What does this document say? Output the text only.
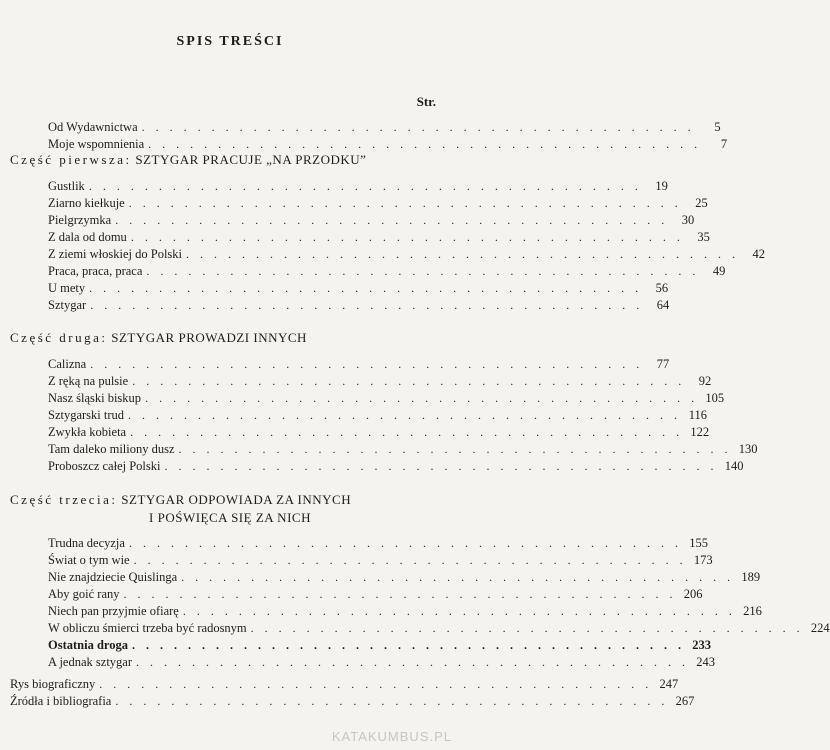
SPIS TREŚCI
Str.
Od Wydawnictwa . . . . . . . . . . . . . . . . . . . . . . . . . . . . . . . . . . . . . . . .	5
Moje wspomnienia . . . . . . . . . . . . . . . . . . . . . . . . . . . . . . . . . . . . . . . .	7
Część pierwsza: SZTYGAR PRACUJE „NA PRZODKU”
Gustlik . . . . . . . . . . . . . . . . . . . . . . . . . . . . . . . . . . . . . . . .	19
Ziarno kiełkuje . . . . . . . . . . . . . . . . . . . . . . . . . . . . . . . . . . . . . . . .	25
Pielgrzymka . . . . . . . . . . . . . . . . . . . . . . . . . . . . . . . . . . . . . . . .	30
Z dala od domu . . . . . . . . . . . . . . . . . . . . . . . . . . . . . . . . . . . . . . . .	35
Z ziemi włoskiej do Polski . . . . . . . . . . . . . . . . . . . . . . . . . . . . . . . . . . . . . . . .	42
Praca, praca, praca . . . . . . . . . . . . . . . . . . . . . . . . . . . . . . . . . . . . . . . .	49
U mety . . . . . . . . . . . . . . . . . . . . . . . . . . . . . . . . . . . . . . . .	56
Sztygar . . . . . . . . . . . . . . . . . . . . . . . . . . . . . . . . . . . . . . . .	64
Część druga: SZTYGAR PROWADZI INNYCH
Calizna . . . . . . . . . . . . . . . . . . . . . . . . . . . . . . . . . . . . . . . .	77
Z ręką na pulsie . . . . . . . . . . . . . . . . . . . . . . . . . . . . . . . . . . . . . . . .	92
Nasz śląski biskup . . . . . . . . . . . . . . . . . . . . . . . . . . . . . . . . . . . . . . . . 105
Sztygarski trud . . . . . . . . . . . . . . . . . . . . . . . . . . . . . . . . . . . . . . . . 116
Zwykła kobieta . . . . . . . . . . . . . . . . . . . . . . . . . . . . . . . . . . . . . . . . 122
Tam daleko miliony dusz . . . . . . . . . . . . . . . . . . . . . . . . . . . . . . . . . . . . . . . . 130
Proboszcz całej Polski . . . . . . . . . . . . . . . . . . . . . . . . . . . . . . . . . . . . . . . . 140
Część trzecia: SZTYGAR ODPOWIADA ZA INNYCH
I POŚWIĘCA SIĘ ZA NICH
Trudna decyzja . . . . . . . . . . . . . . . . . . . . . . . . . . . . . . . . . . . . . . . . 155
Świat o tym wie . . . . . . . . . . . . . . . . . . . . . . . . . . . . . . . . . . . . . . . . 173
Nie znajdziecie Quislinga . . . . . . . . . . . . . . . . . . . . . . . . . . . . . . . . . . . . . . . . 189
Aby goić rany . . . . . . . . . . . . . . . . . . . . . . . . . . . . . . . . . . . . . . . . 206
Niech pan przyjmie ofiarę . . . . . . . . . . . . . . . . . . . . . . . . . . . . . . . . . . . . . . . . 216
W obliczu śmierci trzeba być radosnym . . . . . . . . . . . . . . . . . . . . . . . . . . . . . . . . . . . . . . . . 224
Ostatnia droga . . . . . . . . . . . . . . . . . . . . . . . . . . . . . . . . . . . . . . . . 233
A jednak sztygar . . . . . . . . . . . . . . . . . . . . . . . . . . . . . . . . . . . . . . . . 243
Rys biograficzny . . . . . . . . . . . . . . . . . . . . . . . . . . . . . . . . . . . . . . . . 247
Źródła i bibliografia . . . . . . . . . . . . . . . . . . . . . . . . . . . . . . . . . . . . . . . . 267
KATAKUMBUS.PL
